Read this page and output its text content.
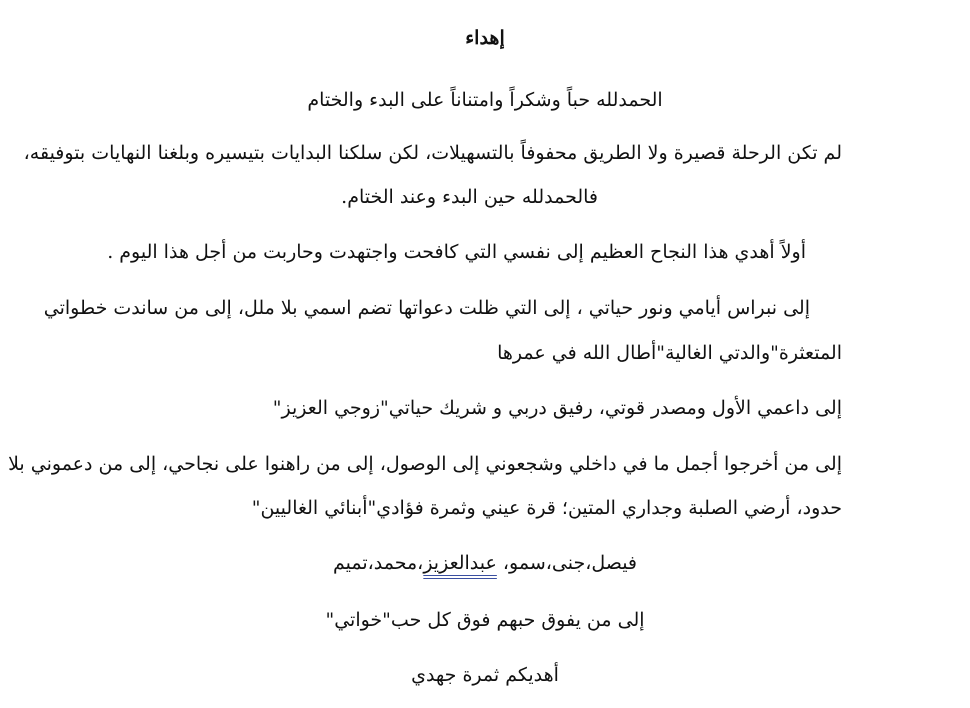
إهداء
الحمدلله حباً وشكراً وامتناناً على البدء والختام
لم تكن الرحلة قصيرة ولا الطريق محفوفاً بالتسهيلات، لكن سلكنا البدايات بتيسيره وبلغنا النهايات بتوفيقه،
فالحمدلله حين البدء وعند الختام.
أولاً أهدي هذا النجاح العظيم إلى نفسي التي كافحت واجتهدت وحاربت من أجل هذا اليوم .
إلى نبراس أيامي ونور حياتي ، إلى التي ظلت دعواتها تضم اسمي بلا ملل، إلى من ساندت خطواتي
المتعثرة"والدتي الغالية"أطال الله في عمرها
إلى داعمي الأول ومصدر قوتي، رفيق دربي و شريك حياتي"زوجي العزيز"
إلى من أخرجوا أجمل ما في داخلي وشجعوني إلى الوصول، إلى من راهنوا على نجاحي، إلى من دعموني بلا
حدود، أرضي الصلبة وجداري المتين؛ قرة عيني وثمرة فؤادي"أبنائي الغاليين"
فيصل،جنى،سمو، عبدالعزيز،محمد،تميم
إلى من يفوق حبهم فوق كل حب"خواتي"
أهديكم ثمرة جهدي
